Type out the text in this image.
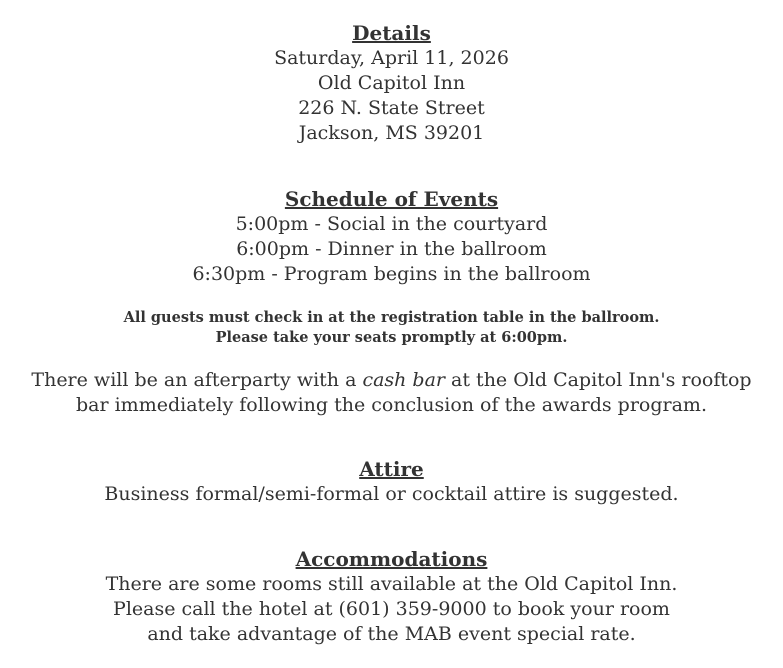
Details
Saturday, April 11, 2026
Old Capitol Inn
226 N. State Street
Jackson, MS 39201
Schedule of Events
5:00pm - Social in the courtyard
6:00pm - Dinner in the ballroom
6:30pm - Program begins in the ballroom
All guests must check in at the registration table in the ballroom.
Please take your seats promptly at 6:00pm.
There will be an afterparty with a cash bar at the Old Capitol Inn's rooftop
bar immediately following the conclusion of the awards program.
Attire
Business formal/semi-formal or cocktail attire is suggested.
Accommodations
There are some rooms still available at the Old Capitol Inn.
Please call the hotel at (601) 359-9000 to book your room
and take advantage of the MAB event special rate.
